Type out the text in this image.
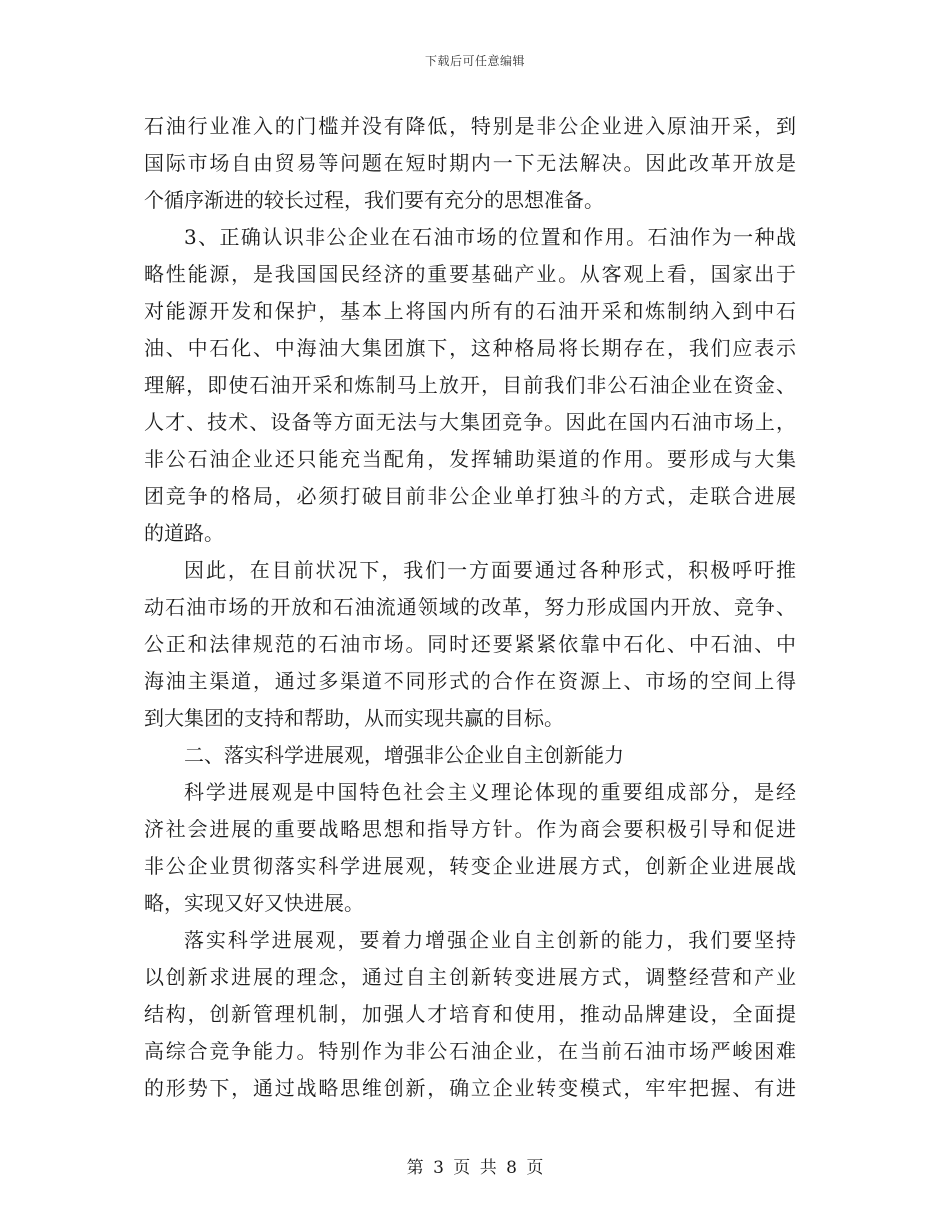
下载后可任意编辑
石油行业准入的门槛并没有降低，特别是非公企业进入原油开采，到
国际市场自由贸易等问题在短时期内一下无法解决。因此改革开放是
个循序渐进的较长过程，我们要有充分的思想准备。
3、正确认识非公企业在石油市场的位置和作用。石油作为一种战
略性能源，是我国国民经济的重要基础产业。从客观上看，国家出于
对能源开发和保护，基本上将国内所有的石油开采和炼制纳入到中石
油、中石化、中海油大集团旗下，这种格局将长期存在，我们应表示
理解，即使石油开采和炼制马上放开，目前我们非公石油企业在资金、
人才、技术、设备等方面无法与大集团竞争。因此在国内石油市场上，
非公石油企业还只能充当配角，发挥辅助渠道的作用。要形成与大集
团竞争的格局，必须打破目前非公企业单打独斗的方式，走联合进展
的道路。
因此，在目前状况下，我们一方面要通过各种形式，积极呼吁推
动石油市场的开放和石油流通领域的改革，努力形成国内开放、竞争、
公正和法律规范的石油市场。同时还要紧紧依靠中石化、中石油、中
海油主渠道，通过多渠道不同形式的合作在资源上、市场的空间上得
到大集团的支持和帮助，从而实现共赢的目标。
二、落实科学进展观，增强非公企业自主创新能力
科学进展观是中国特色社会主义理论体现的重要组成部分，是经
济社会进展的重要战略思想和指导方针。作为商会要积极引导和促进
非公企业贯彻落实科学进展观，转变企业进展方式，创新企业进展战
略，实现又好又快进展。
落实科学进展观，要着力增强企业自主创新的能力，我们要坚持
以创新求进展的理念，通过自主创新转变进展方式，调整经营和产业
结构，创新管理机制，加强人才培育和使用，推动品牌建设，全面提
高综合竞争能力。特别作为非公石油企业，在当前石油市场严峻困难
的形势下，通过战略思维创新，确立企业转变模式，牢牢把握、有进
第 3 页 共 8 页
